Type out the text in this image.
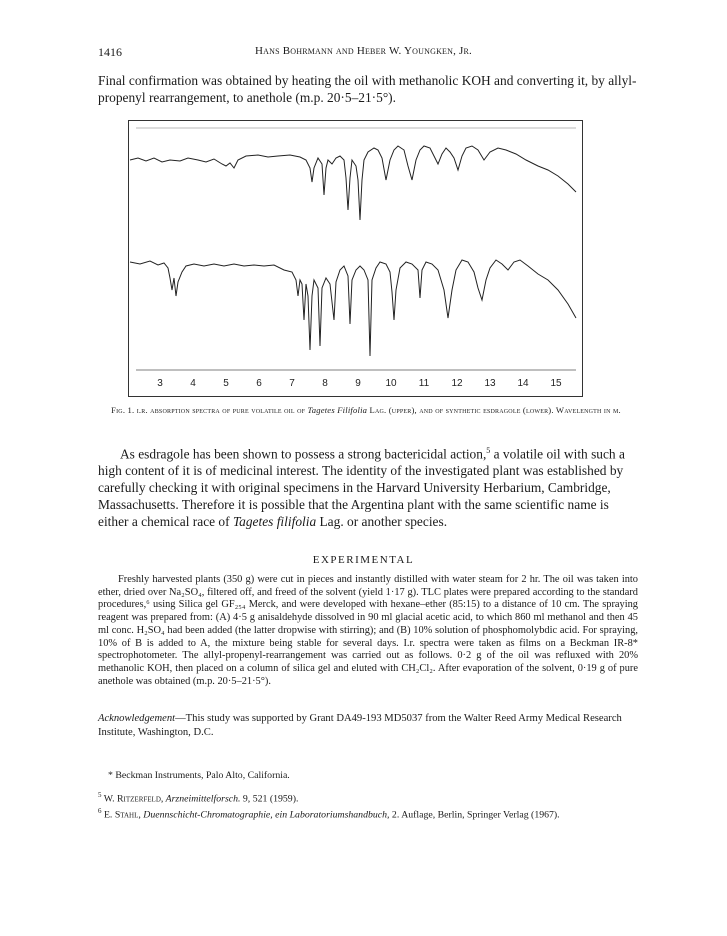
1416	Hans Bohrmann and Heber W. Youngken, Jr.

Final confirmation was obtained by heating the oil with methanolic KOH and converting it, by allyl-propenyl rearrangement, to anethole (m.p. 20·5–21·5°).

3	4	5	6	7	8	9 10 11 12 13 14 15
Fig. 1. i.r. absorption spectra of pure volatile oil of Tagetes Filifolia Lag. (upper), and of synthetic esdragole (lower). Wavelength in μ.

As esdragole has been shown to possess a strong bactericidal action,$^5$ a volatile oil with such a high content of it is of medicinal interest. The identity of the investigated plant was established by carefully checking it with original specimens in the Harvard University Herbarium, Cambridge, Massachusetts. Therefore it is possible that the Argentina plant with the same scientific name is either a chemical race of Tagetes filifolia Lag. or another species.

EXPERIMENTAL

Freshly harvested plants (350 g) were cut in pieces and instantly distilled with water steam for 2 hr. The oil was taken into ether, dried over Na₂SO₄, filtered off, and freed of the solvent (yield 1·17 g). TLC plates were prepared according to the standard procedures,⁶ using Silica gel GF₂₅₄ Merck, and were developed with hexane–ether (85:15) to a distance of 10 cm. The spraying reagent was prepared from: (A) 4·5 g anisaldehyde dissolved in 90 ml glacial acetic acid, to which 860 ml methanol and then 45 ml conc. H₂SO₄ had been added (the latter dropwise with stirring); and (B) 10% solution of phosphomolybdic acid. For spraying, 10% of B is added to A, the mixture being stable for several days. I.r. spectra were taken as films on a Beckman IR-8* spectrophotometer. The allyl-propenyl-rearrangement was carried out as follows. 0·2 g of the oil was refluxed with 20% methanolic KOH, then placed on a column of silica gel and eluted with CH₂Cl₂. After evaporation of the solvent, 0·19 g of pure anethole was obtained (m.p. 20·5–21·5°).

Acknowledgement—This study was supported by Grant DA49-193 MD5037 from the Walter Reed Army Medical Research Institute, Washington, D.C.

* Beckman Instruments, Palo Alto, California.

$^5$ W. Ritzerfeld, Arzneimittelforsch. 9, 521 (1959).

$^6$ E. Stahl, Duennschicht-Chromatographie, ein Laboratoriumshandbuch, 2. Auflage, Berlin, Springer Verlag (1967).
